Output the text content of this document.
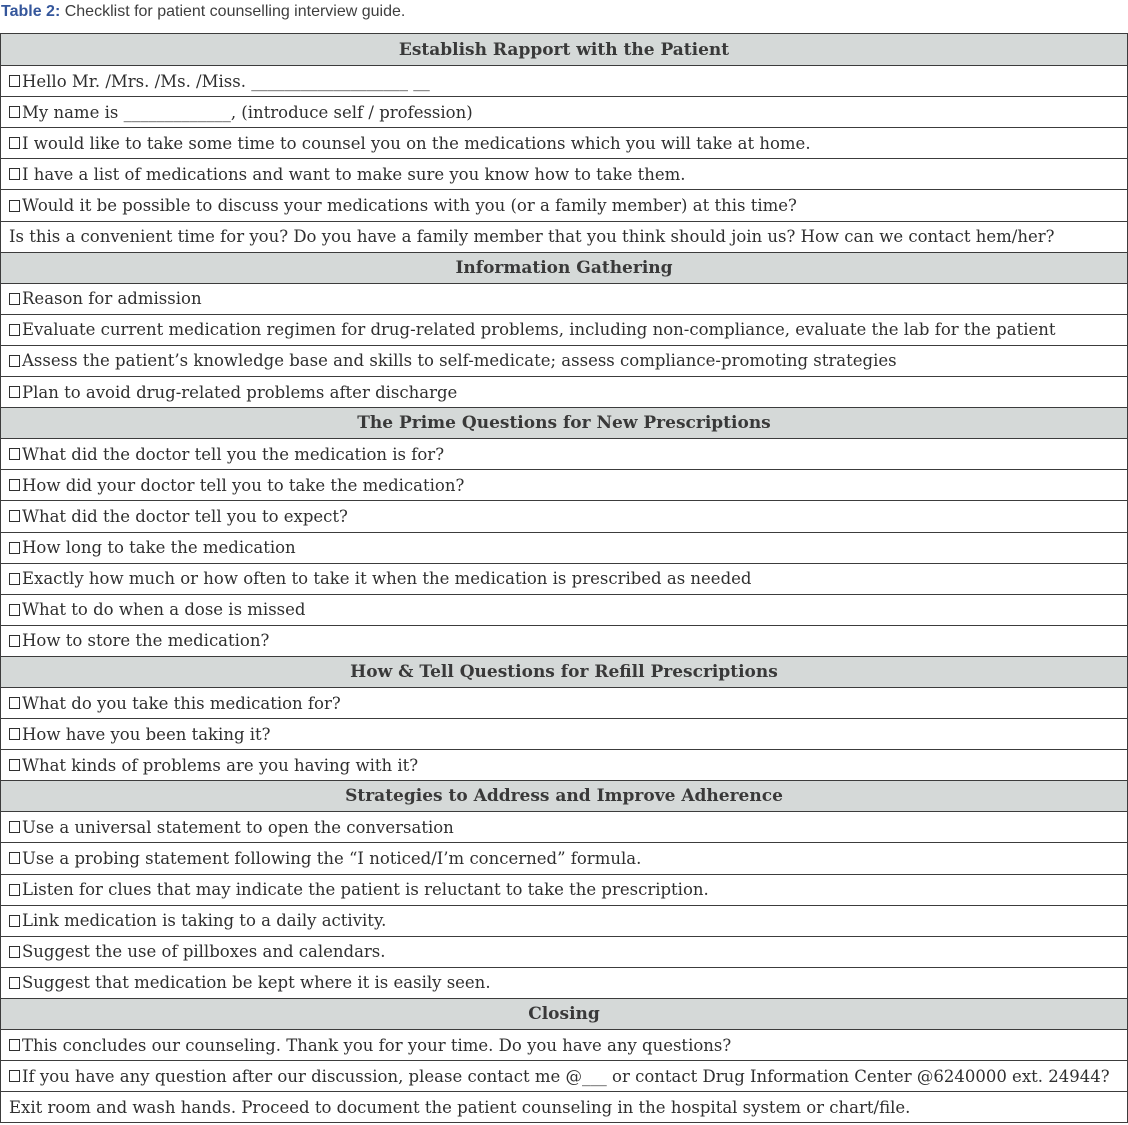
Table 2: Checklist for patient counselling interview guide.
Establish Rapport with the Patient
Hello Mr. /Mrs. /Ms. /Miss. ___________________ __
My name is _____________, (introduce self / profession)
I would like to take some time to counsel you on the medications which you will take at home.
I have a list of medications and want to make sure you know how to take them.
Would it be possible to discuss your medications with you (or a family member) at this time?
Is this a convenient time for you? Do you have a family member that you think should join us? How can we contact hem/her?
Information Gathering
Reason for admission
Evaluate current medication regimen for drug-related problems, including non-compliance, evaluate the lab for the patient
Assess the patient’s knowledge base and skills to self-medicate; assess compliance-promoting strategies
Plan to avoid drug-related problems after discharge
The Prime Questions for New Prescriptions
What did the doctor tell you the medication is for?
How did your doctor tell you to take the medication?
What did the doctor tell you to expect?
How long to take the medication
Exactly how much or how often to take it when the medication is prescribed as needed
What to do when a dose is missed
How to store the medication?
How & Tell Questions for Refill Prescriptions
What do you take this medication for?
How have you been taking it?
What kinds of problems are you having with it?
Strategies to Address and Improve Adherence
Use a universal statement to open the conversation
Use a probing statement following the “I noticed/I’m concerned” formula.
Listen for clues that may indicate the patient is reluctant to take the prescription.
Link medication is taking to a daily activity.
Suggest the use of pillboxes and calendars.
Suggest that medication be kept where it is easily seen.
Closing
This concludes our counseling. Thank you for your time. Do you have any questions?
If you have any question after our discussion, please contact me @___ or contact Drug Information Center @6240000 ext. 24944?
Exit room and wash hands. Proceed to document the patient counseling in the hospital system or chart/file.
